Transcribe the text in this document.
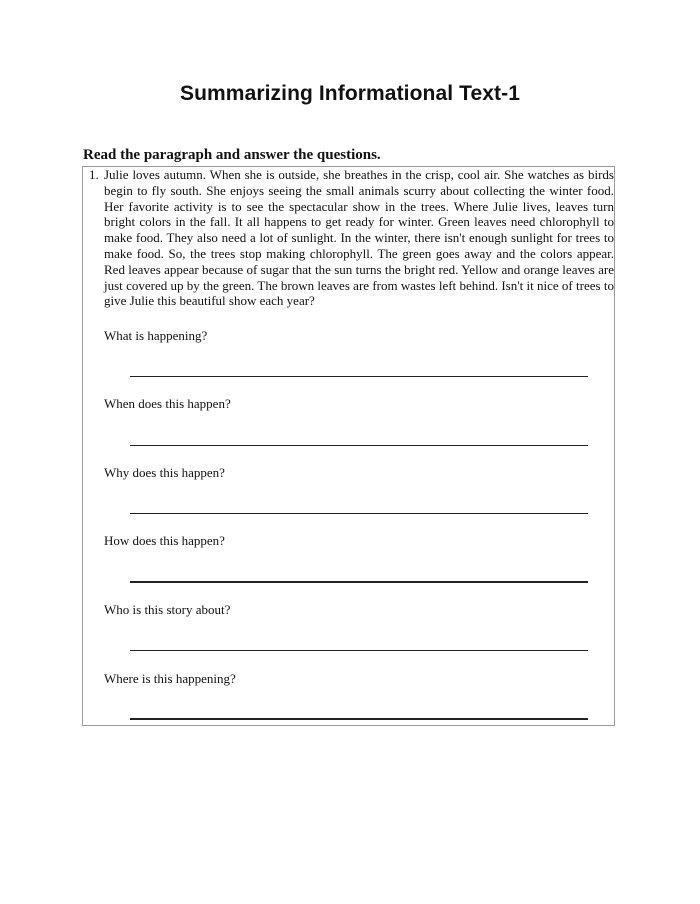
Summarizing Informational Text-1
Read the paragraph and answer the questions.
1. Julie loves autumn. When she is outside, she breathes in the crisp, cool air. She watches as birds begin to fly south. She enjoys seeing the small animals scurry about collecting the winter food. Her favorite activity is to see the spectacular show in the trees. Where Julie lives, leaves turn bright colors in the fall. It all happens to get ready for winter. Green leaves need chlorophyll to make food. They also need a lot of sunlight. In the winter, there isn't enough sunlight for trees to make food. So, the trees stop making chlorophyll. The green goes away and the colors appear. Red leaves appear because of sugar that the sun turns the bright red. Yellow and orange leaves are just covered up by the green. The brown leaves are from wastes left behind. Isn't it nice of trees to give Julie this beautiful show each year?

What is happening?
When does this happen?
Why does this happen?
How does this happen?
Who is this story about?
Where is this happening?
